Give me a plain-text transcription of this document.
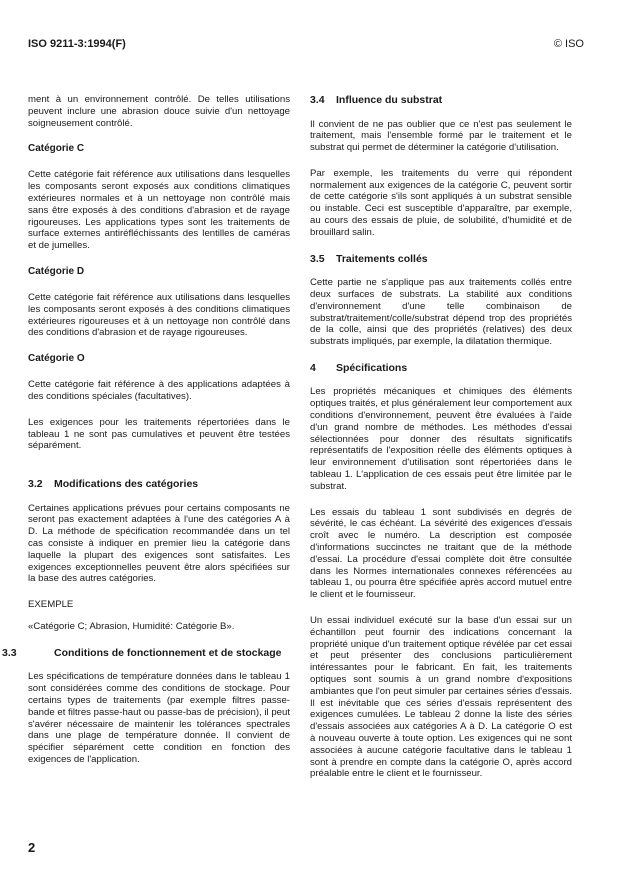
ISO 9211-3:1994(F)	© ISO

ment à un environnement contrôlé. De telles utilisations peuvent inclure une abrasion douce suivie d'un nettoyage soigneusement contrôlé.

Catégorie C

Cette catégorie fait référence aux utilisations dans lesquelles les composants seront exposés aux conditions climatiques extérieures normales et à un nettoyage non contrôlé mais sans être exposés à des conditions d'abrasion et de rayage rigoureuses. Les applications types sont les traitements de surface externes antiréfléchissants des lentilles de caméras et de jumelles.

Catégorie D

Cette catégorie fait référence aux utilisations dans lesquelles les composants seront exposés à des conditions climatiques extérieures rigoureuses et à un nettoyage non contrôlé dans des conditions d'abrasion et de rayage rigoureuses.

Catégorie O

Cette catégorie fait référence à des applications adaptées à des conditions spéciales (facultatives).

Les exigences pour les traitements répertoriées dans le tableau 1 ne sont pas cumulatives et peuvent être testées séparément.

3.2 Modifications des catégories

Certaines applications prévues pour certains composants ne seront pas exactement adaptées à l'une des catégories A à D. La méthode de spécification recommandée dans un tel cas consiste à indiquer en premier lieu la catégorie dans laquelle la plupart des exigences sont satisfaites. Les exigences exceptionnelles peuvent être alors spécifiées sur la base des autres catégories.

EXEMPLE

«Catégorie C; Abrasion, Humidité: Catégorie B».

3.3	Conditions de fonctionnement et de stockage

Les spécifications de température données dans le tableau 1 sont considérées comme des conditions de stockage. Pour certains types de traitements (par exemple filtres passe-bande et filtres passe-haut ou passe-bas de précision), il peut s'avérer nécessaire de maintenir les tolérances spectrales dans une plage de température donnée. Il convient de spécifier séparément cette condition en fonction des exigences de l'application.

3.4 Influence du substrat

Il convient de ne pas oublier que ce n'est pas seulement le traitement, mais l'ensemble formé par le traitement et le substrat qui permet de déterminer la catégorie d'utilisation.

Par exemple, les traitements du verre qui répondent normalement aux exigences de la catégorie C, peuvent sortir de cette catégorie s'ils sont appliqués à un substrat sensible ou instable. Ceci est susceptible d'apparaître, par exemple, au cours des essais de pluie, de solubilité, d'humidité et de brouillard salin.

3.5 Traitements collés

Cette partie ne s'applique pas aux traitements collés entre deux surfaces de substrats. La stabilité aux conditions d'environnement d'une telle combinaison de substrat/traitement/colle/substrat dépend trop des propriétés de la colle, ainsi que des propriétés (relatives) des deux substrats impliqués, par exemple, la dilatation thermique.

4 Spécifications

Les propriétés mécaniques et chimiques des éléments optiques traités, et plus généralement leur comportement aux conditions d'environnement, peuvent être évaluées à l'aide d'un grand nombre de méthodes. Les méthodes d'essai sélectionnées pour donner des résultats significatifs représentatifs de l'exposition réelle des éléments optiques à leur environnement d'utilisation sont répertoriées dans le tableau 1. L'application de ces essais peut être limitée par le substrat.

Les essais du tableau 1 sont subdivisés en degrés de sévérité, le cas échéant. La sévérité des exigences d'essais croît avec le numéro. La description est composée d'informations succinctes ne traitant que de la méthode d'essai. La procédure d'essai complète doit être consultée dans les Normes internationales connexes référencées au tableau 1, ou pourra être spécifiée après accord mutuel entre le client et le fournisseur.

Un essai individuel exécuté sur la base d'un essai sur un échantillon peut fournir des indications concernant la propriété unique d'un traitement optique révélée par cet essai et peut présenter des conclusions particulièrement intéressantes pour le fabricant. En fait, les traitements optiques sont soumis à un grand nombre d'expositions ambiantes que l'on peut simuler par certaines séries d'essais. Il est inévitable que ces séries d'essais représentent des exigences cumulées. Le tableau 2 donne la liste des séries d'essais associées aux catégories A à D. La catégorie O est à nouveau ouverte à toute option. Les exigences qui ne sont associées à aucune catégorie facultative dans le tableau 1 sont à prendre en compte dans la catégorie O, après accord préalable entre le client et le fournisseur.

2
